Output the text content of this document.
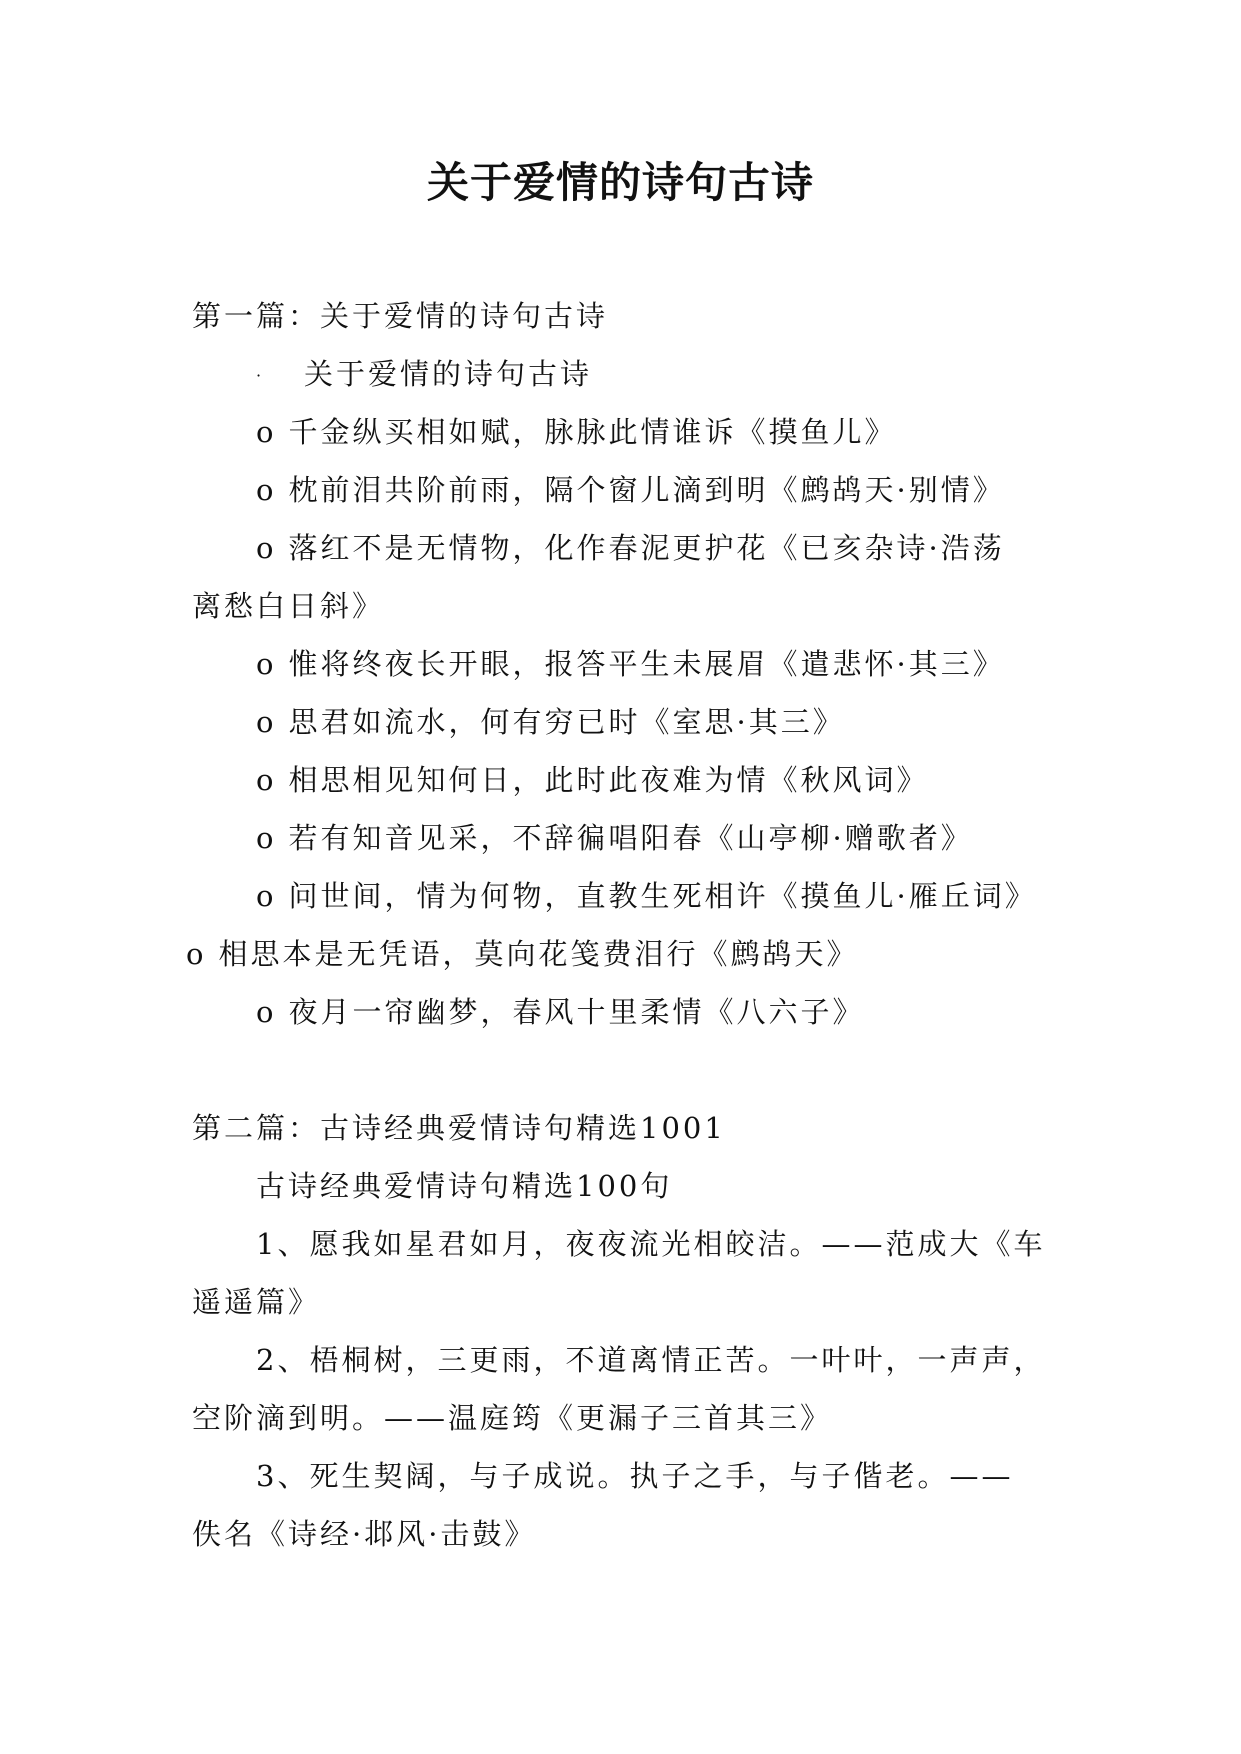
关于爱情的诗句古诗
第一篇：关于爱情的诗句古诗
· 关于爱情的诗句古诗
o 千金纵买相如赋，脉脉此情谁诉《摸鱼儿》
o 枕前泪共阶前雨，隔个窗儿滴到明《鹧鸪天·别情》
o 落红不是无情物，化作春泥更护花《已亥杂诗·浩荡
离愁白日斜》
o 惟将终夜长开眼，报答平生未展眉《遣悲怀·其三》
o 思君如流水，何有穷已时《室思·其三》
o 相思相见知何日，此时此夜难为情《秋风词》
o 若有知音见采，不辞徧唱阳春《山亭柳·赠歌者》
o 问世间，情为何物，直教生死相许《摸鱼儿·雁丘词》
o 相思本是无凭语，莫向花笺费泪行《鹧鸪天》
o 夜月一帘幽梦，春风十里柔情《八六子》
第二篇：古诗经典爱情诗句精选1001
古诗经典爱情诗句精选100句
1、愿我如星君如月，夜夜流光相皎洁。——范成大《车
遥遥篇》
2、梧桐树，三更雨，不道离情正苦。一叶叶，一声声，
空阶滴到明。——温庭筠《更漏子三首其三》
3、死生契阔，与子成说。执子之手，与子偕老。——
佚名《诗经·邶风·击鼓》
